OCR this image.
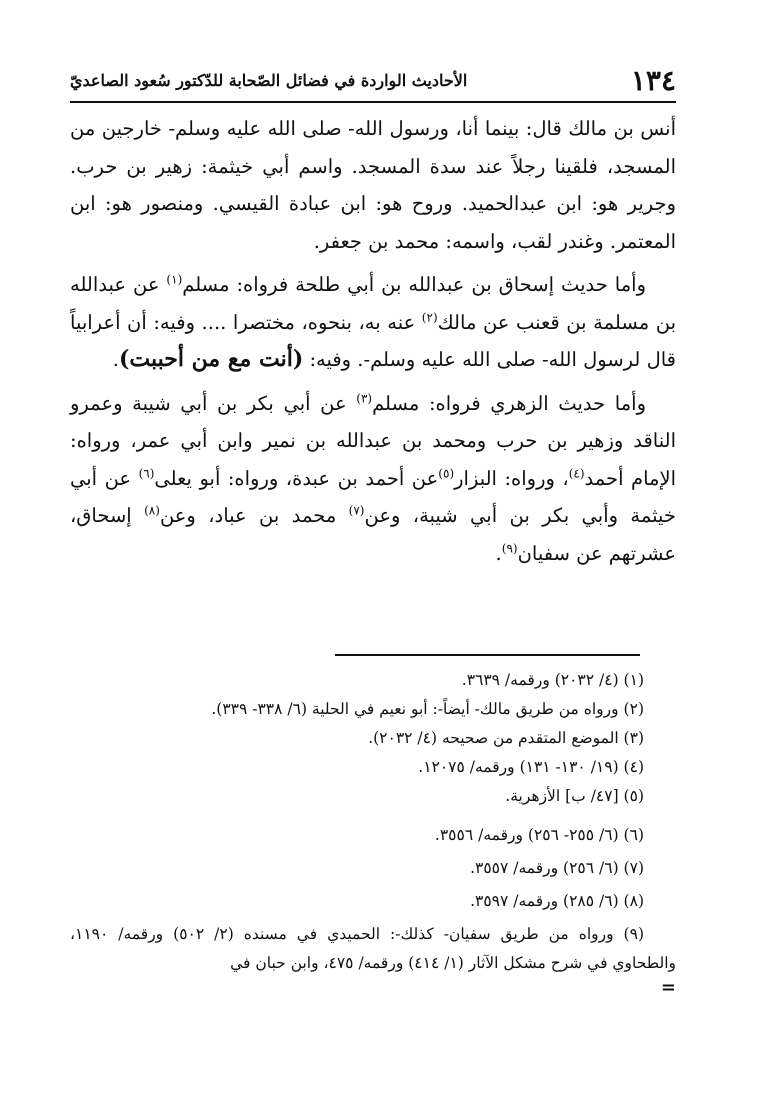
١٣٤
الأحاديث الواردة في فضائل الصّحابة للدّكتور سُعود الصاعديّ

أنس بن مالك قال: بينما أنا، ورسول الله- صلى الله عليه وسلم- خارجين من المسجد، فلقينا رجلاً عند سدة المسجد. واسم أبي خيثمة: زهير بن حرب. وجرير هو: ابن عبدالحميد. وروح هو: ابن عبادة القيسي. ومنصور هو: ابن المعتمر. وغندر لقب، واسمه: محمد بن جعفر.

وأما حديث إسحاق بن عبدالله بن أبي طلحة فرواه: مسلم$^{(١)}$ عن عبدالله بن مسلمة بن قعنب عن مالك$^{(٢)}$ عنه به، بنحوه، مختصرا .... وفيه: أن أعرابياً قال لرسول الله- صلى الله عليه وسلم-. وفيه: (أنت مع من أحببت).

وأما حديث الزهري فرواه: مسلم$^{(٣)}$ عن أبي بكر بن أبي شيبة وعمرو الناقد وزهير بن حرب ومحمد بن عبدالله بن نمير وابن أبي عمر، ورواه: الإمام أحمد$^{(٤)}$، ورواه: البزار$^{(٥)}$عن أحمد بن عبدة، ورواه: أبو يعلى$^{(٦)}$ عن أبي خيثمة وأبي بكر بن أبي شيبة، وعن$^{(٧)}$ محمد بن عباد، وعن$^{(٨)}$ إسحاق، عشرتهم عن سفيان$^{(٩)}$.

(١) (٤/ ٢٠٣٢) ورقمه/ ٣٦٣٩.
(٢) ورواه من طريق مالك- أيضاً-: أبو نعيم في الحلية (٦/ ٣٣٨- ٣٣٩).
(٣) الموضع المتقدم من صحيحه (٤/ ٢٠٣٢).
(٤) (١٩/ ١٣٠- ١٣١) ورقمه/ ١٢٠٧٥.
(٥) [٤٧/ ب] الأزهرية.
(٦) (٦/ ٢٥٥- ٢٥٦) ورقمه/ ٣٥٥٦.
(٧) (٦/ ٢٥٦) ورقمه/ ٣٥٥٧.
(٨) (٦/ ٢٨٥) ورقمه/ ٣٥٩٧.
(٩) ورواه من طريق سفيان- كذلك-: الحميدي في مسنده (٢/ ٥٠٢) ورقمه/ ١١٩٠، والطحاوي في شرح مشكل الآثار (١/ ٤١٤) ورقمه/ ٤٧٥، وابن حبان في
=
